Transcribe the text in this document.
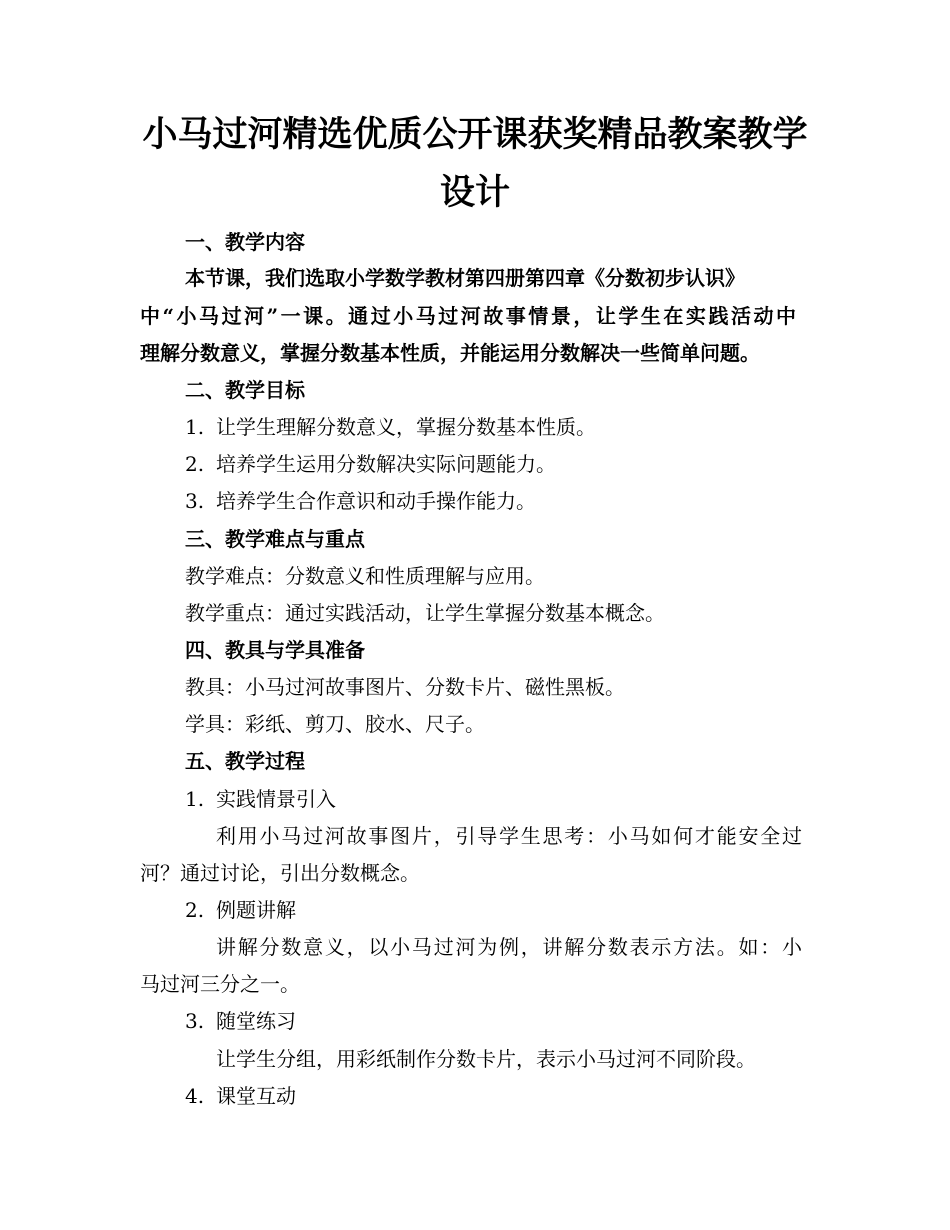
小马过河精选优质公开课获奖精品教案教学
设计
一、教学内容
本节课，我们选取小学数学教材第四册第四章《分数初步认识》
中“小马过河”一课。通过小马过河故事情景，让学生在实践活动中
理解分数意义，掌握分数基本性质，并能运用分数解决一些简单问题。
二、教学目标
1. 让学生理解分数意义，掌握分数基本性质。
2. 培养学生运用分数解决实际问题能力。
3. 培养学生合作意识和动手操作能力。
三、教学难点与重点
教学难点：分数意义和性质理解与应用。
教学重点：通过实践活动，让学生掌握分数基本概念。
四、教具与学具准备
教具：小马过河故事图片、分数卡片、磁性黑板。
学具：彩纸、剪刀、胶水、尺子。
五、教学过程
1. 实践情景引入
利用小马过河故事图片，引导学生思考：小马如何才能安全过
河？通过讨论，引出分数概念。
2. 例题讲解
讲解分数意义，以小马过河为例，讲解分数表示方法。如：小
马过河三分之一。
3. 随堂练习
让学生分组，用彩纸制作分数卡片，表示小马过河不同阶段。
4. 课堂互动
